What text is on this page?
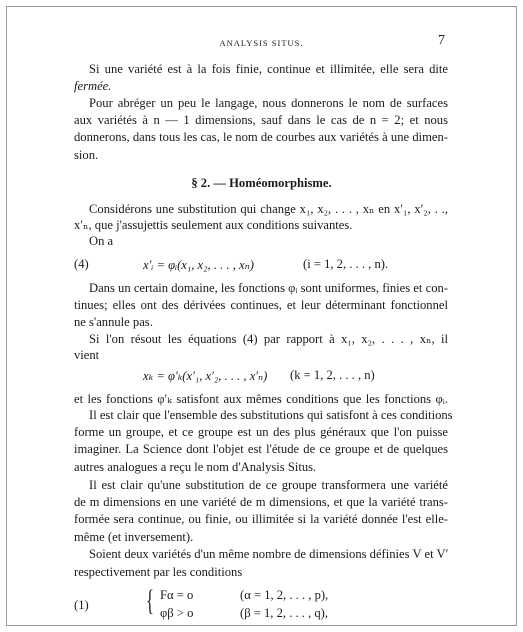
ANALYSIS SITUS.	7
Si une variété est à la fois finie, continue et illimitée, elle sera dite
fermée.
Pour abréger un peu le langage, nous donnerons le nom de surfaces
aux variétés à n — 1 dimensions, sauf dans le cas de n = 2; et nous
donnerons, dans tous les cas, le nom de courbes aux variétés à une dimen-
sion.
§ 2. — Homéomorphisme.
Considérons une substitution qui change x₁, x₂, . . . , xₙ en x′₁, x′₂, . .,
x′ₙ, que j'assujettis seulement aux conditions suivantes.
On a
(4)	x′ᵢ = φᵢ(x₁, x₂, . . . , xₙ)	(i = 1, 2, . . . , n).
Dans un certain domaine, les fonctions φᵢ sont uniformes, finies et con-
tinues; elles ont des dérivées continues, et leur déterminant fonctionnel
ne s'annule pas.
Si l'on résout les équations (4) par rapport à x₁, x₂, . . . , xₙ, il
vient
xₖ = φ′ₖ(x′₁, x′₂, . . . , x′ₙ) (k = 1, 2, . . . , n)
et les fonctions φ′ₖ satisfont aux mêmes conditions que les fonctions φᵢ.
Il est clair que l'ensemble des substitutions qui satisfont à ces conditions
forme un groupe, et ce groupe est un des plus généraux que l'on puisse
imaginer. La Science dont l'objet est l'étude de ce groupe et de quelques
autres analogues a reçu le nom d'Analysis Situs.
Il est clair qu'une substitution de ce groupe transformera une variété
de m dimensions en une variété de m dimensions, et que la variété trans-
formée sera continue, ou finie, ou illimitée si la variété donnée l'est elle-
même (et inversement).
Soient deux variétés d'un même nombre de dimensions définies V et V′
respectivement par les conditions
(1) { Fα = o	(α = 1, 2, . . . , p),
φβ > o	(β = 1, 2, . . . , q),
